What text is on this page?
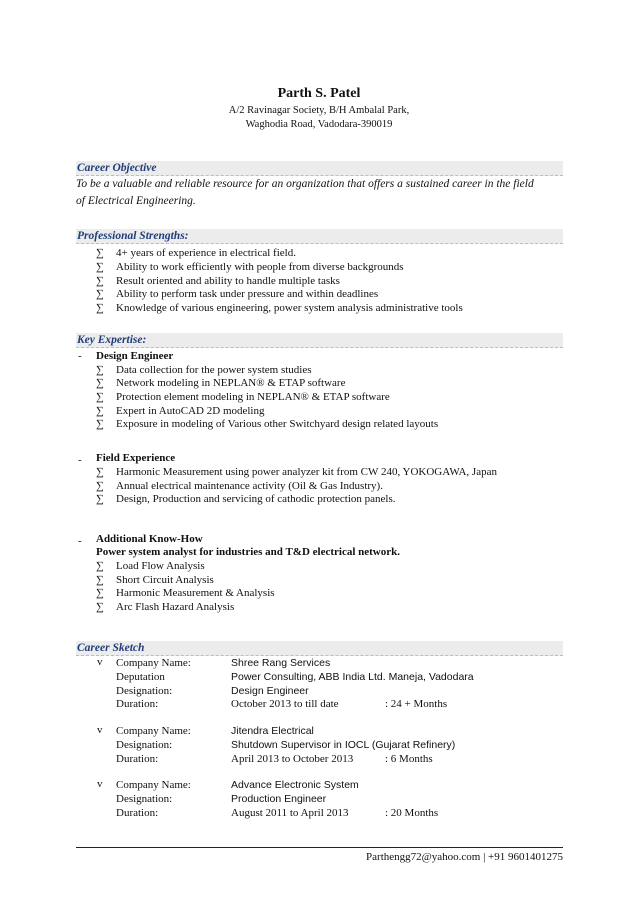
Parth S. Patel
A/2 Ravinagar Society, B/H Ambalal Park,
Waghodia Road, Vadodara-390019
Career Objective
To be a valuable and reliable resource for an organization that offers a sustained career in the field
of Electrical Engineering.
Professional Strengths:
∑ 4+ years of experience in electrical field.
∑ Ability to work efficiently with people from diverse backgrounds
∑ Result oriented and ability to handle multiple tasks
∑ Ability to perform task under pressure and within deadlines
∑ Knowledge of various engineering, power system analysis administrative tools
Key Expertise:
- Design Engineer
∑ Data collection for the power system studies
∑ Network modeling in NEPLAN® & ETAP software
∑ Protection element modeling in NEPLAN® & ETAP software
∑ Expert in AutoCAD 2D modeling
∑ Exposure in modeling of Various other Switchyard design related layouts
- Field Experience
∑ Harmonic Measurement using power analyzer kit from CW 240, YOKOGAWA, Japan
∑ Annual electrical maintenance activity (Oil & Gas Industry).
∑ Design, Production and servicing of cathodic protection panels.
- Additional Know-How
Power system analyst for industries and T&D electrical network.
∑ Load Flow Analysis
∑ Short Circuit Analysis
∑ Harmonic Measurement & Analysis
∑ Arc Flash Hazard Analysis
Career Sketch
v Company Name:	Shree Rang Services
Deputation	Power Consulting, ABB India Ltd. Maneja, Vadodara
Designation:	Design Engineer
Duration:	October 2013 to till date	: 24 + Months
v Company Name:	Jitendra Electrical
Designation:	Shutdown Supervisor in IOCL (Gujarat Refinery)
Duration:	April 2013 to October 2013	: 6 Months
v Company Name:	Advance Electronic System
Designation:	Production Engineer
Duration:	August 2011 to April 2013	: 20 Months
Parthengg72@yahoo.com | +91 9601401275
